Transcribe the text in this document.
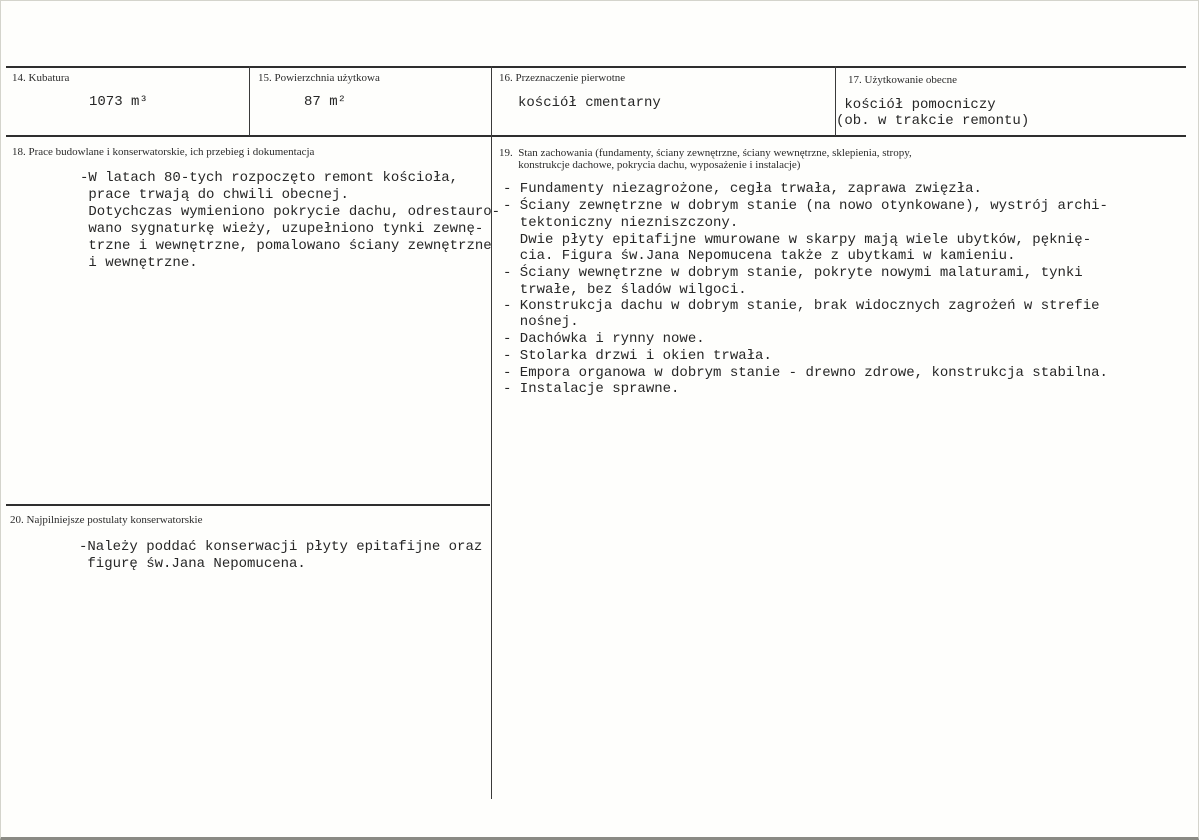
14. Kubatura
1073 m³
15. Powierzchnia użytkowa
87 m²
16. Przeznaczenie pierwotne
kościół cmentarny
17. Użytkowanie obecne
kościół pomocniczy
(ob. w trakcie remontu)
18. Prace budowlane i konserwatorskie, ich przebieg i dokumentacja
-W latach 80-tych rozpoczęto remont kościoła,
prace trwają do chwili obecnej.
Dotychczas wymieniono pokrycie dachu, odrestauro-
wano sygnaturkę wieży, uzupełniono tynki zewnę-
trzne i wewnętrzne, pomalowano ściany zewnętrzne
i wewnętrzne.
19.  Stan zachowania (fundamenty, ściany zewnętrzne, ściany wewnętrzne, sklepienia, stropy,
konstrukcje dachowe, pokrycia dachu, wyposażenie i instalacje)
- Fundamenty niezagrożone, cegła trwała, zaprawa zwięzła.
- Ściany zewnętrzne w dobrym stanie (na nowo otynkowane), wystrój archi-
tektoniczny niezniszczony.
Dwie płyty epitafijne wmurowane w skarpy mają wiele ubytków, pęknię-
cia. Figura św.Jana Nepomucena także z ubytkami w kamieniu.
- Ściany wewnętrzne w dobrym stanie, pokryte nowymi malaturami, tynki
trwałe, bez śladów wilgoci.
- Konstrukcja dachu w dobrym stanie, brak widocznych zagrożeń w strefie
nośnej.
- Dachówka i rynny nowe.
- Stolarka drzwi i okien trwała.
- Empora organowa w dobrym stanie - drewno zdrowe, konstrukcja stabilna.
- Instalacje sprawne.
20. Najpilniejsze postulaty konserwatorskie
-Należy poddać konserwacji płyty epitafijne oraz
figurę św.Jana Nepomucena.
